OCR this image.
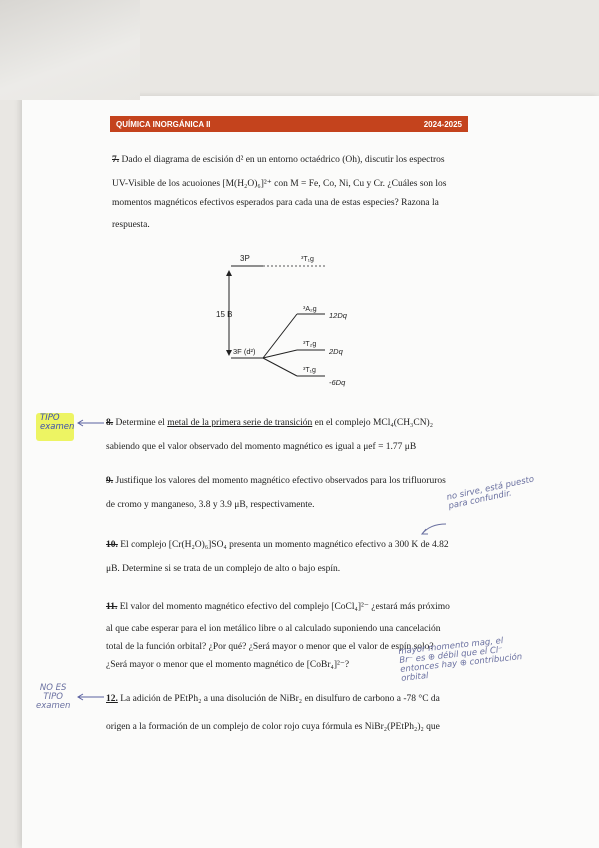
QUÍMICA INORGÁNICA II	2024-2025
7. Dado el diagrama de escisión d² en un entorno octaédrico (Oh), discutir los espectros
UV-Visible de los acuoiones [M(H₂O)₆]²⁺ con M = Fe, Co, Ni, Cu y Cr. ¿Cuáles son los
momentos magnéticos efectivos esperados para cada una de estas especies? Razona la
respuesta.
3P	³T₁g
15 B
3F (d²)
³A₂g
12Dq
³T₂g
2Dq
³T₁g
-6Dq
TIPO
examen	8. Determine el metal de la primera serie de transición en el complejo MCl₄(CH₃CN)₂
sabiendo que el valor observado del momento magnético es igual a μef = 1.77 μB
9. Justifique los valores del momento magnético efectivo observados para los trifluoruros
de cromo y manganeso, 3.8 y 3.9 μB, respectivamente.
no sirve, está puesto
para confundir.
10. El complejo [Cr(H₂O)₆]SO₄ presenta un momento magnético efectivo a 300 K de 4.82
μB. Determine si se trata de un complejo de alto o bajo espín.
11. El valor del momento magnético efectivo del complejo [CoCl₄]²⁻ ¿estará más próximo
al que cabe esperar para el ion metálico libre o al calculado suponiendo una cancelación
total de la función orbital? ¿Por qué? ¿Será mayor o menor que el valor de espín solo?
¿Será mayor o menor que el momento magnético de [CoBr₄]²⁻?
mayor momento mag, el
Br⁻ es ⊕ débil que el Cl⁻
entonces hay ⊕ contribución
orbital
NO ES
TIPO
examen
12. La adición de PEtPh₂ a una disolución de NiBr₂ en disulfuro de carbono a -78 °C da
origen a la formación de un complejo de color rojo cuya fórmula es NiBr₂(PEtPh₂)₂ que
